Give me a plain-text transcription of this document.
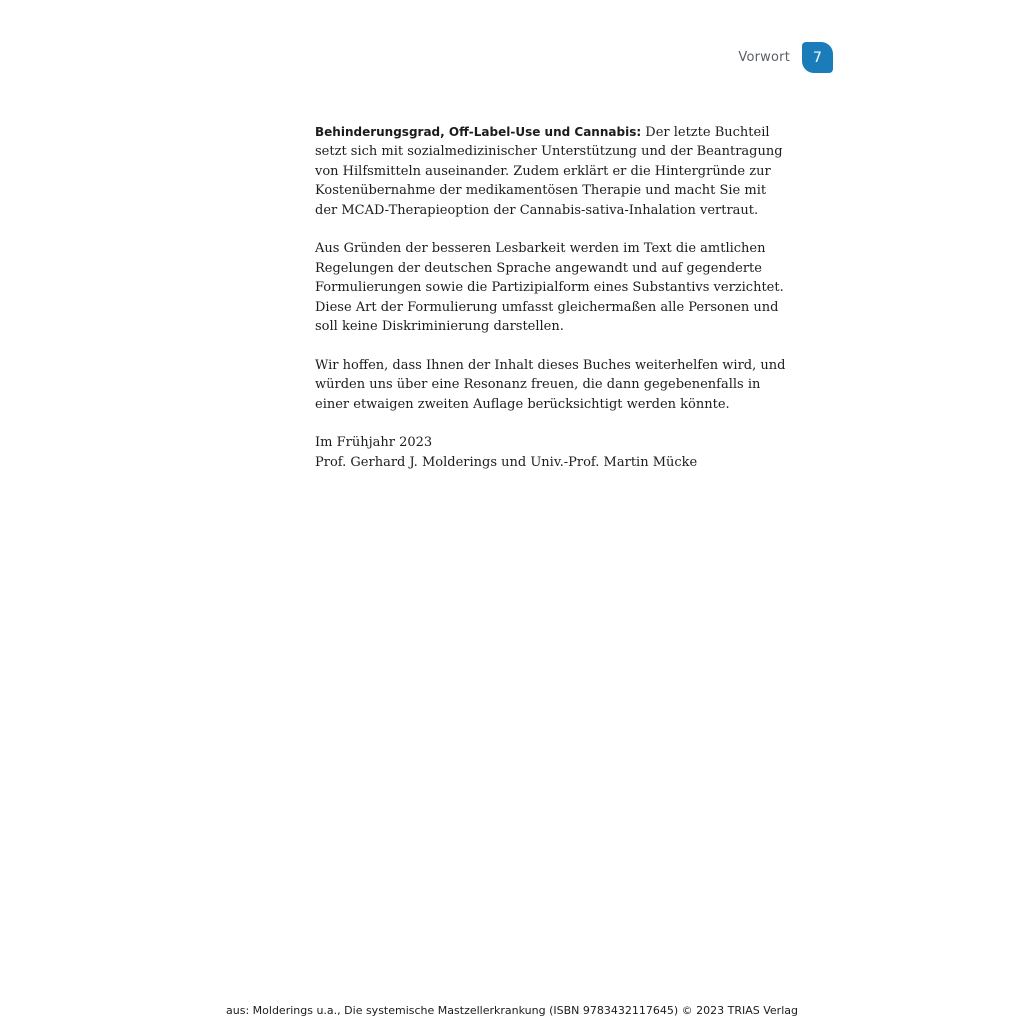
Vorwort	7

Behinderungsgrad, Off-Label-Use und Cannabis: Der letzte Buchteil setzt sich mit sozialmedizinischer Unterstützung und der Beantragung von Hilfsmitteln auseinander. Zudem erklärt er die Hintergründe zur Kostenübernahme der medikamentösen Therapie und macht Sie mit der MCAD-Therapieoption der Cannabis-sativa-Inhalation vertraut.

Aus Gründen der besseren Lesbarkeit werden im Text die amtlichen Regelungen der deutschen Sprache angewandt und auf gegenderte Formulierungen sowie die Partizipialform eines Substantivs verzichtet. Diese Art der Formulierung umfasst gleichermaßen alle Personen und soll keine Diskriminierung darstellen.

Wir hoffen, dass Ihnen der Inhalt dieses Buches weiterhelfen wird, und würden uns über eine Resonanz freuen, die dann gegebenenfalls in einer etwaigen zweiten Auflage berücksichtigt werden könnte.

Im Frühjahr 2023

Prof. Gerhard J. Molderings und Univ.-Prof. Martin Mücke

aus: Molderings u.a., Die systemische Mastzellerkrankung (ISBN 9783432117645) © 2023 TRIAS Verlag
